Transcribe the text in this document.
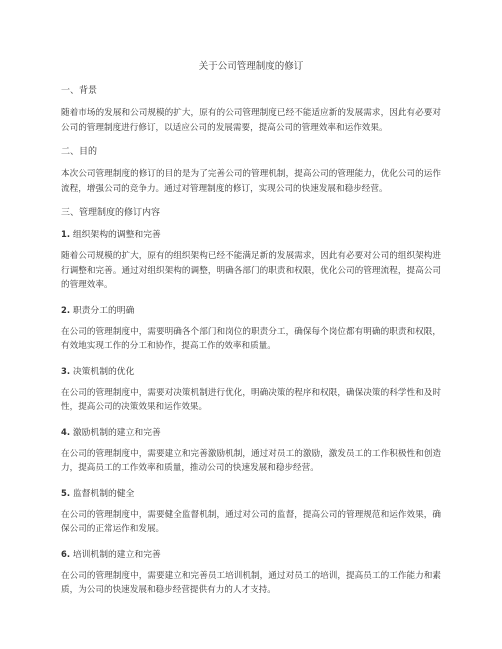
关于公司管理制度的修订
一、背景
随着市场的发展和公司规模的扩大，原有的公司管理制度已经不能适应新的发展需求，因此有必要对公司的管理制度进行修订，以适应公司的发展需要，提高公司的管理效率和运作效果。
二、目的
本次公司管理制度的修订的目的是为了完善公司的管理机制，提高公司的管理能力，优化公司的运作流程，增强公司的竞争力。通过对管理制度的修订，实现公司的快速发展和稳步经营。
三、管理制度的修订内容
1. 组织架构的调整和完善
随着公司规模的扩大，原有的组织架构已经不能满足新的发展需求，因此有必要对公司的组织架构进行调整和完善。通过对组织架构的调整，明确各部门的职责和权限，优化公司的管理流程，提高公司的管理效率。
2. 职责分工的明确
在公司的管理制度中，需要明确各个部门和岗位的职责分工，确保每个岗位都有明确的职责和权限，有效地实现工作的分工和协作，提高工作的效率和质量。
3. 决策机制的优化
在公司的管理制度中，需要对决策机制进行优化，明确决策的程序和权限，确保决策的科学性和及时性，提高公司的决策效果和运作效果。
4. 激励机制的建立和完善
在公司的管理制度中，需要建立和完善激励机制，通过对员工的激励，激发员工的工作积极性和创造力，提高员工的工作效率和质量，推动公司的快速发展和稳步经营。
5. 监督机制的健全
在公司的管理制度中，需要健全监督机制，通过对公司的监督，提高公司的管理规范和运作效果，确保公司的正常运作和发展。
6. 培训机制的建立和完善
在公司的管理制度中，需要建立和完善员工培训机制，通过对员工的培训，提高员工的工作能力和素质，为公司的快速发展和稳步经营提供有力的人才支持。
